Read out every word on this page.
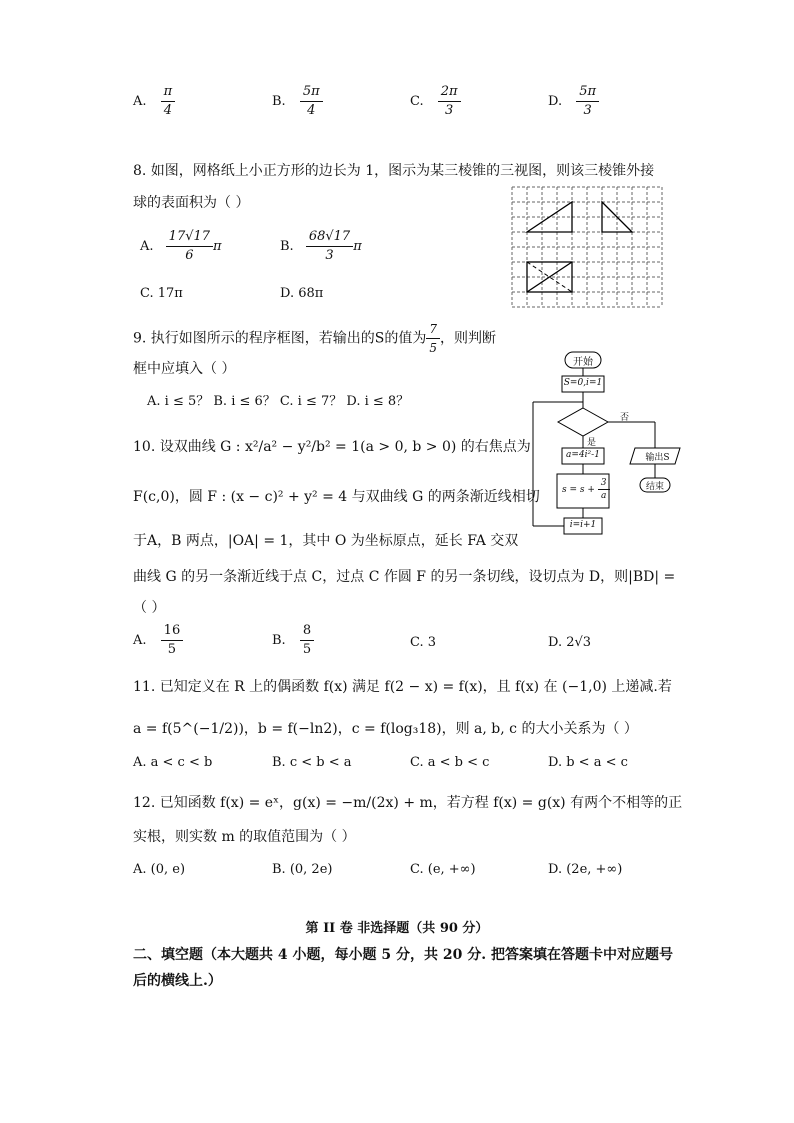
A. $\frac{\pi}{4}$	B. $\frac{5\pi}{4}$	C. $\frac{2\pi}{3}$	D. $\frac{5\pi}{3}$
8. 如图，网格纸上小正方形的边长为 1，图示为某三棱锥的三视图，则该三棱锥外接
球的表面积为（ ）
A. $\frac{17√17}{6}$ π	B. $\frac{68√17}{3}$ π
C. 17π	D. 68π
9. 执行如图所示的程序框图，若输出的S的值为 $\frac{7}{5}$ ，则判断
框中应填入（ ）
A. i ≤ 5？ B. i ≤ 6？ C. i ≤ 7？ D. i ≤ 8？
开始
S=0,i=1
否
是
a=4i²-1
$s = s + \frac{3}{a}$
i=i+1
输出S
结束
10. 设双曲线 G : x²/a² − y²/b² = 1(a > 0, b > 0) 的右焦点为
F(c,0)，圆 F : (x − c)² + y² = 4 与双曲线 G 的两条渐近线相切
于A，B 两点，|OA| = 1，其中 O 为坐标原点，延长 FA 交双
曲线 G 的另一条渐近线于点 C，过点 C 作圆 F 的另一条切线，设切点为 D，则|BD| =
（ ）
A. $\frac{16}{5}$	B. $\frac{8}{5}$	C. 3	D. 2√3
11. 已知定义在 R 上的偶函数 f(x) 满足 f(2 − x) = f(x)，且 f(x) 在 (−1,0) 上递减.若
a = f(5^(−1/2))，b = f(−ln2)，c = f(log₃18)，则 a, b, c 的大小关系为（ ）
A. a < c < b	B. c < b < a	C. a < b < c	D. b < a < c
12. 已知函数 f(x) = eˣ，g(x) = −m/(2x) + m，若方程 f(x) = g(x) 有两个不相等的正
实根，则实数 m 的取值范围为（ ）
A. (0, e)	B. (0, 2e)	C. (e, +∞)	D. (2e, +∞)
第 II 卷 非选择题（共 90 分）
二、填空题（本大题共 4 小题，每小题 5 分，共 20 分. 把答案填在答题卡中对应题号
后的横线上.）
